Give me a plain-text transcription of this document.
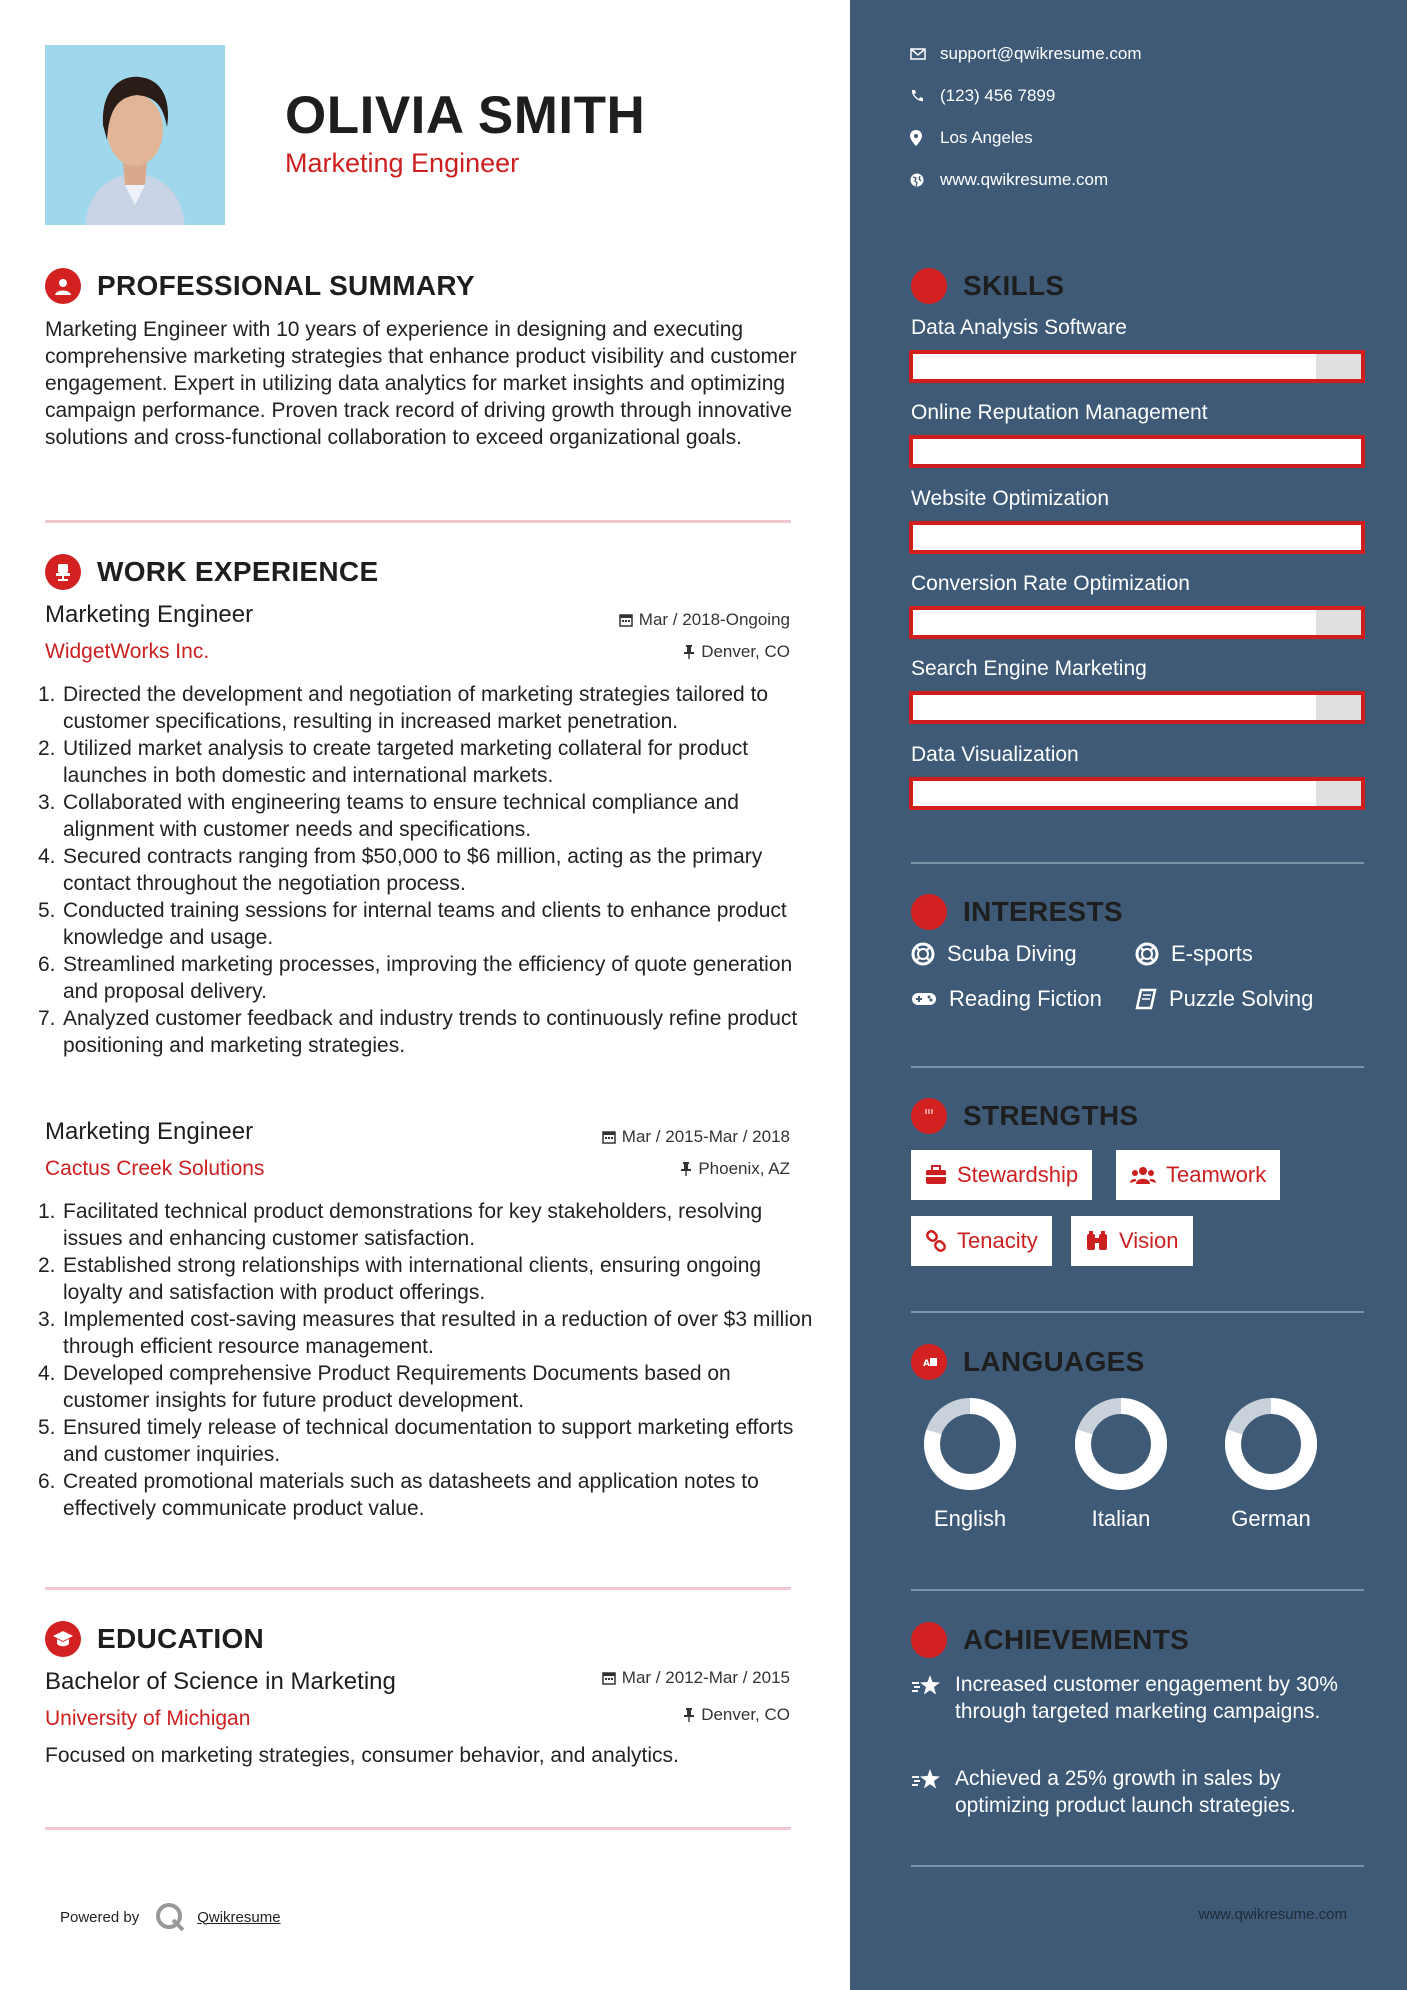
OLIVIA SMITH
Marketing Engineer
PROFESSIONAL SUMMARY
Marketing Engineer with 10 years of experience in designing and executing comprehensive marketing strategies that enhance product visibility and customer engagement. Expert in utilizing data analytics for market insights and optimizing campaign performance. Proven track record of driving growth through innovative solutions and cross-functional collaboration to exceed organizational goals.
WORK EXPERIENCE
Marketing Engineer	Mar / 2018-Ongoing
WidgetWorks Inc.	Denver, CO
1. Directed the development and negotiation of marketing strategies tailored to customer specifications, resulting in increased market penetration.
2. Utilized market analysis to create targeted marketing collateral for product launches in both domestic and international markets.
3. Collaborated with engineering teams to ensure technical compliance and alignment with customer needs and specifications.
4. Secured contracts ranging from $50,000 to $6 million, acting as the primary contact throughout the negotiation process.
5. Conducted training sessions for internal teams and clients to enhance product knowledge and usage.
6. Streamlined marketing processes, improving the efficiency of quote generation and proposal delivery.
7. Analyzed customer feedback and industry trends to continuously refine product positioning and marketing strategies.
Marketing Engineer	Mar / 2015-Mar / 2018
Cactus Creek Solutions	Phoenix, AZ
1. Facilitated technical product demonstrations for key stakeholders, resolving issues and enhancing customer satisfaction.
2. Established strong relationships with international clients, ensuring ongoing loyalty and satisfaction with product offerings.
3. Implemented cost-saving measures that resulted in a reduction of over $3 million through efficient resource management.
4. Developed comprehensive Product Requirements Documents based on customer insights for future product development.
5. Ensured timely release of technical documentation to support marketing efforts and customer inquiries.
6. Created promotional materials such as datasheets and application notes to effectively communicate product value.
EDUCATION
Bachelor of Science in Marketing	Mar / 2012-Mar / 2015
University of Michigan	Denver, CO
Focused on marketing strategies, consumer behavior, and analytics.
Powered by	Qwikresume
support@qwikresume.com
(123) 456 7899
Los Angeles
www.qwikresume.com
SKILLS
Data Analysis Software
Online Reputation Management
Website Optimization
Conversion Rate Optimization
Search Engine Marketing
Data Visualization
INTERESTS
Scuba Diving	E-sports
Reading Fiction	Puzzle Solving
STRENGTHS
Stewardship	Teamwork
Tenacity	Vision
A LANGUAGES
English	Italian	German
ACHIEVEMENTS
Increased customer engagement by 30% through targeted marketing campaigns.
Achieved a 25% growth in sales by optimizing product launch strategies.
www.qwikresume.com
